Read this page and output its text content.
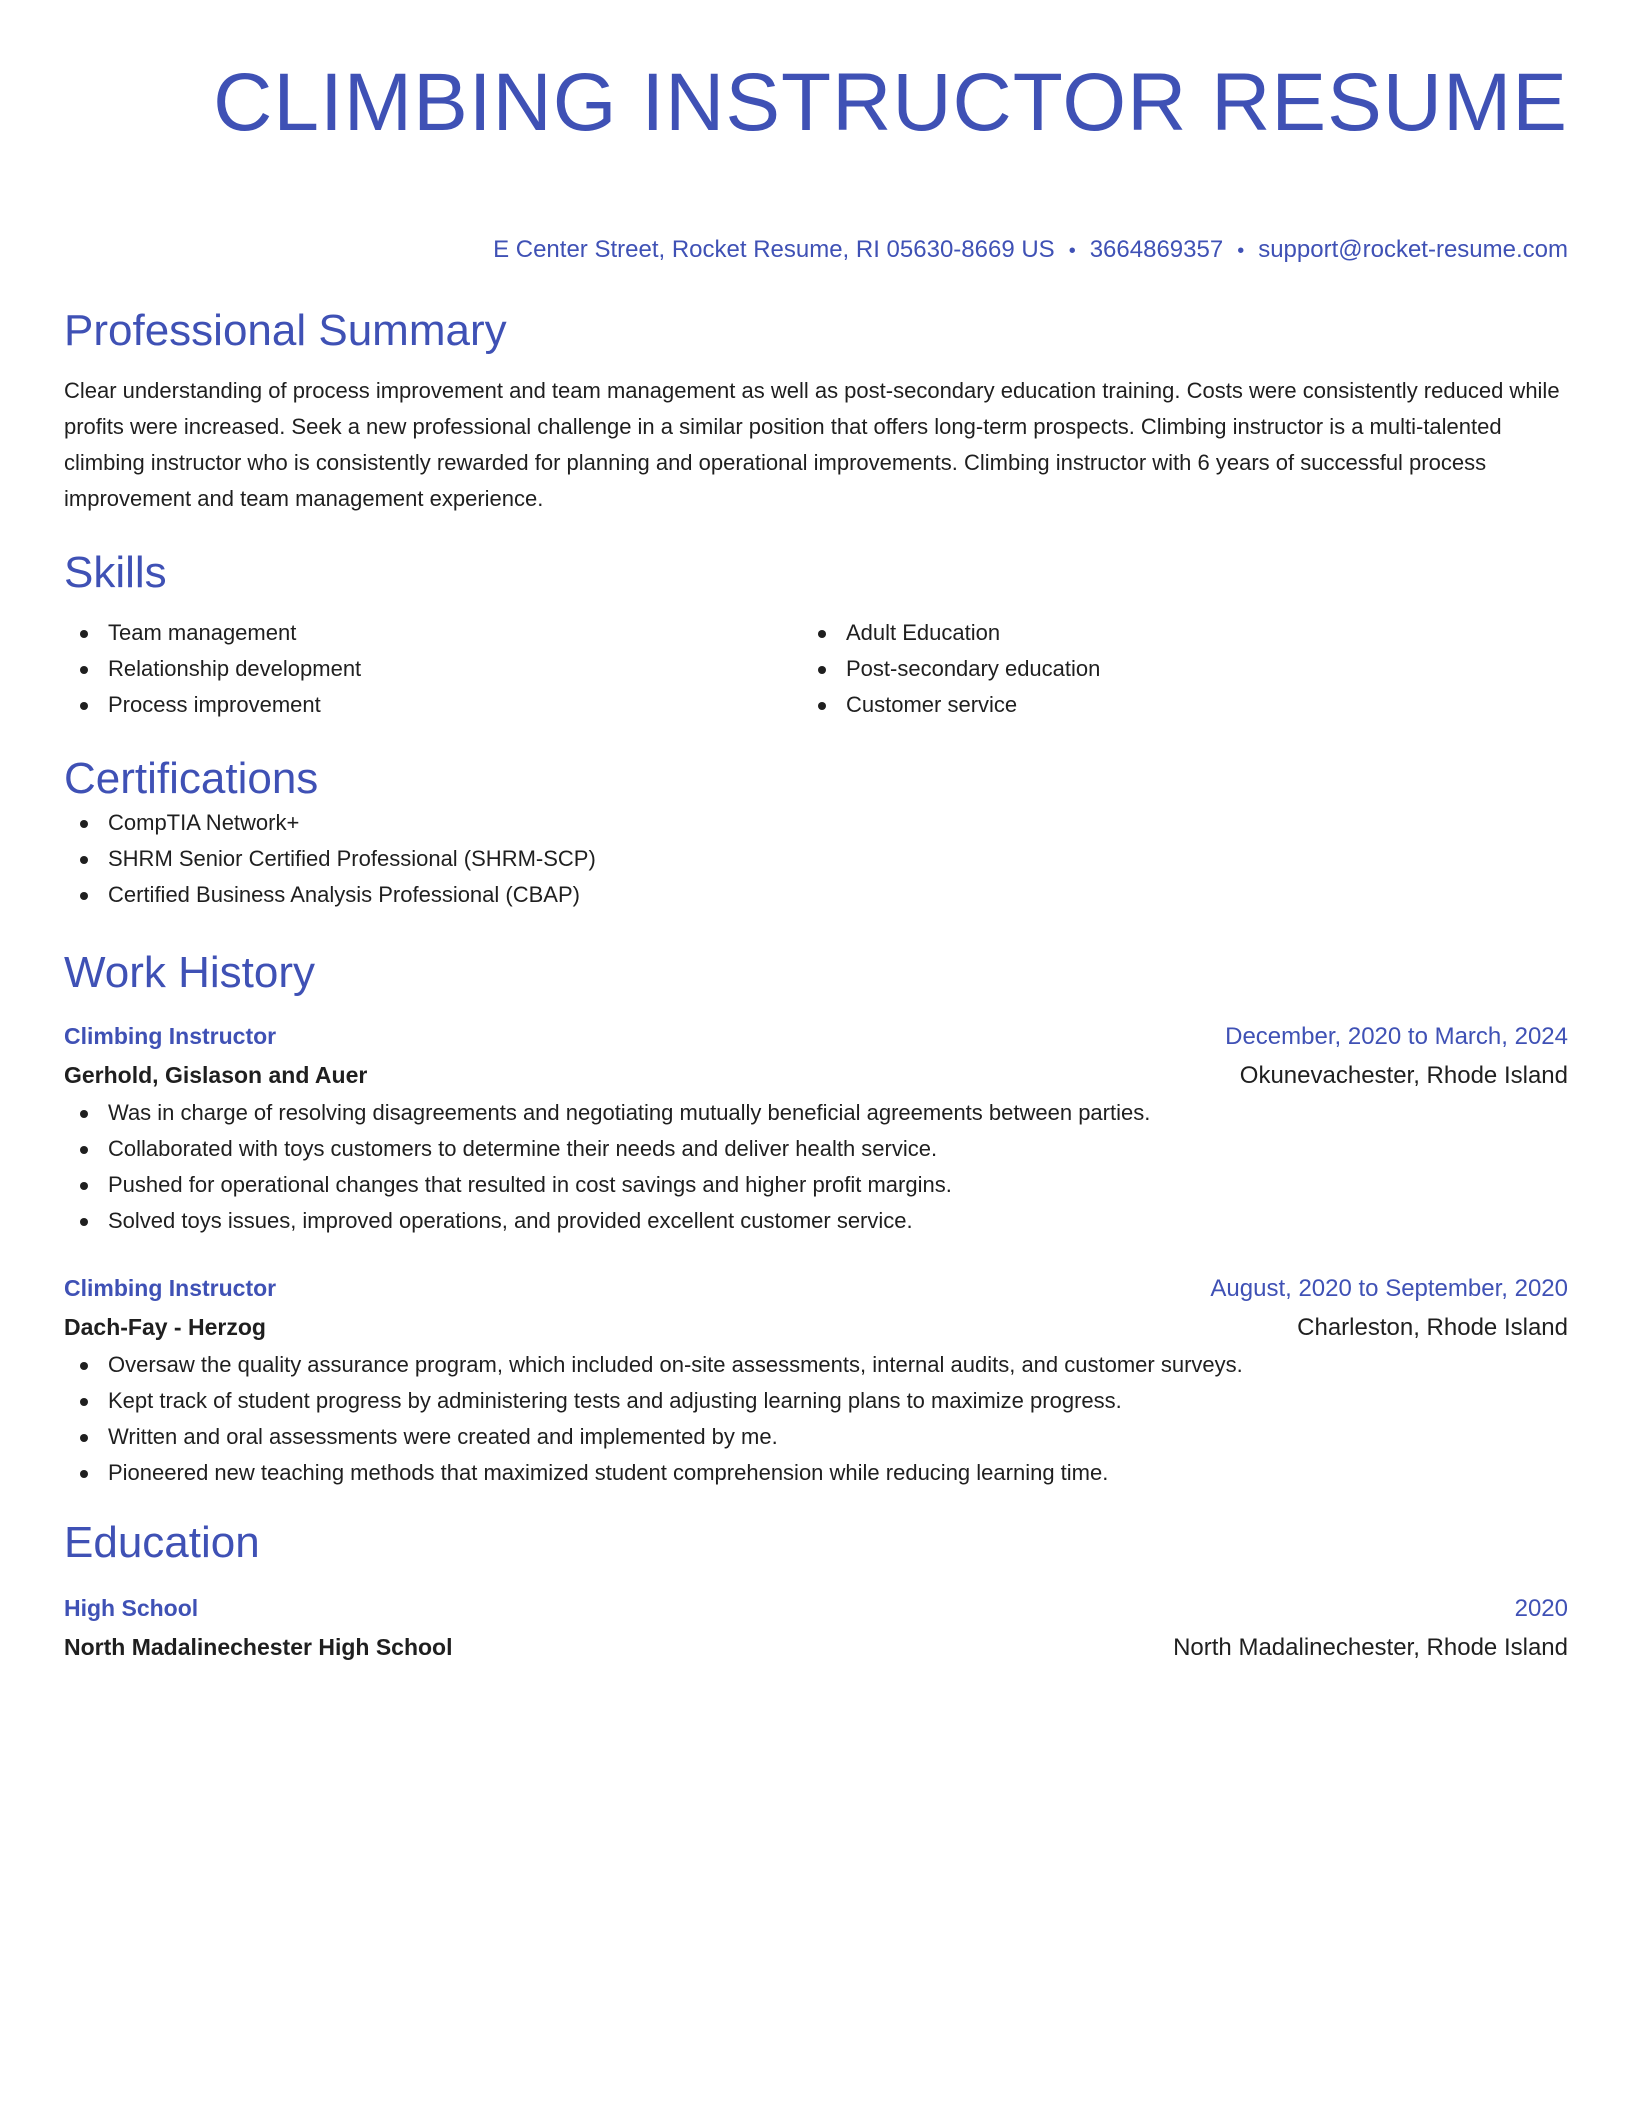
CLIMBING INSTRUCTOR RESUME
E Center Street, Rocket Resume, RI 05630-8669 US • 3664869357 • support@rocket-resume.com
Professional Summary
Clear understanding of process improvement and team management as well as post-secondary education training. Costs were consistently reduced while profits were increased. Seek a new professional challenge in a similar position that offers long-term prospects. Climbing instructor is a multi-talented climbing instructor who is consistently rewarded for planning and operational improvements. Climbing instructor with 6 years of successful process improvement and team management experience.
Skills
Team management
Relationship development
Process improvement
Adult Education
Post-secondary education
Customer service
Certifications
CompTIA Network+
SHRM Senior Certified Professional (SHRM-SCP)
Certified Business Analysis Professional (CBAP)
Work History
Climbing Instructor	December, 2020 to March, 2024
Gerhold, Gislason and Auer	Okunevachester, Rhode Island
Was in charge of resolving disagreements and negotiating mutually beneficial agreements between parties.
Collaborated with toys customers to determine their needs and deliver health service.
Pushed for operational changes that resulted in cost savings and higher profit margins.
Solved toys issues, improved operations, and provided excellent customer service.
Climbing Instructor	August, 2020 to September, 2020
Dach-Fay - Herzog	Charleston, Rhode Island
Oversaw the quality assurance program, which included on-site assessments, internal audits, and customer surveys.
Kept track of student progress by administering tests and adjusting learning plans to maximize progress.
Written and oral assessments were created and implemented by me.
Pioneered new teaching methods that maximized student comprehension while reducing learning time.
Education
High School	2020
North Madalinechester High School	North Madalinechester, Rhode Island
